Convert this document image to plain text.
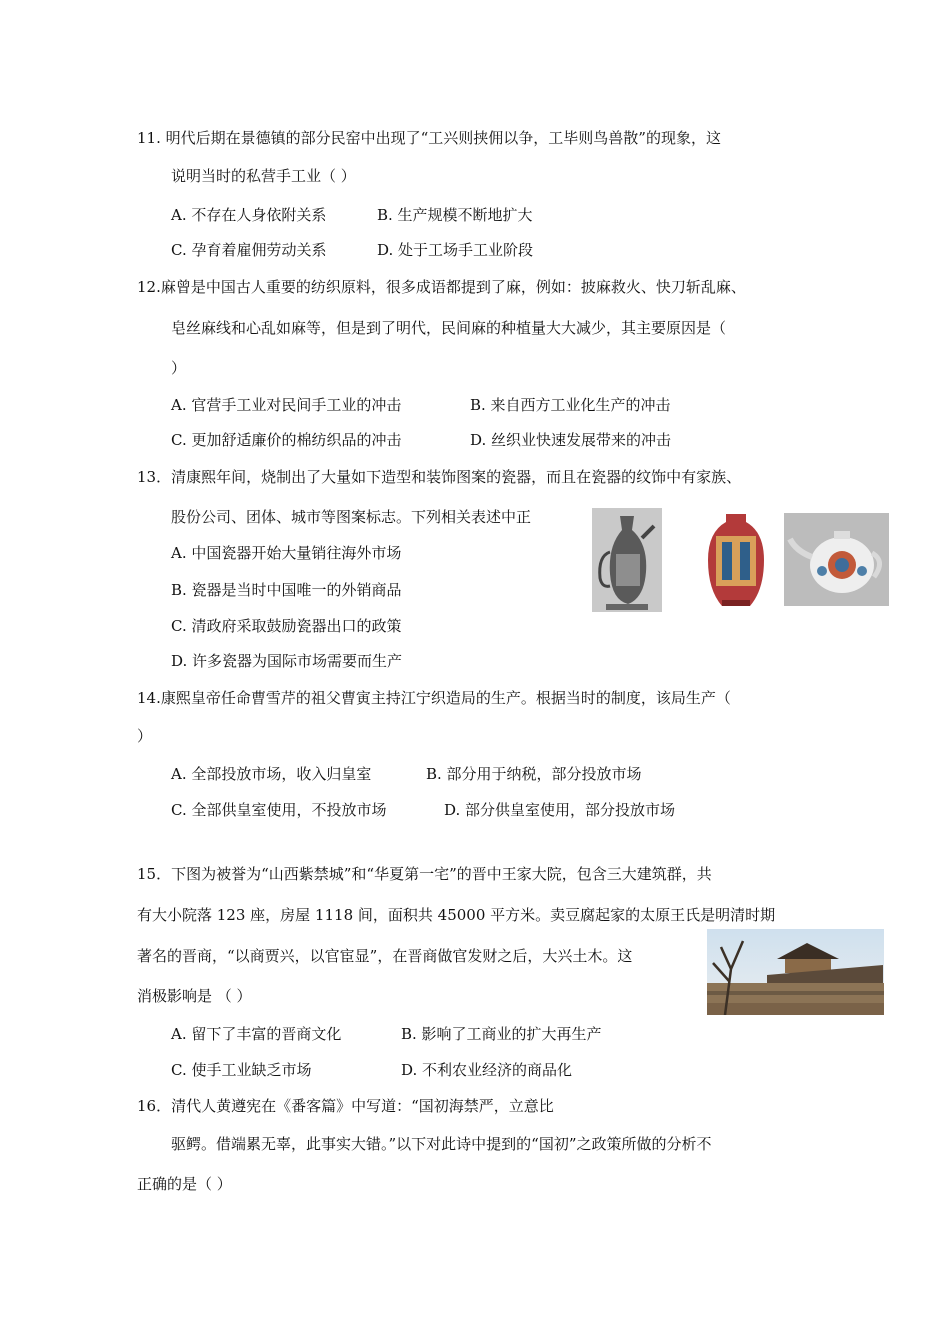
11. 明代后期在景德镇的部分民窑中出现了“工兴则挟佣以争，工毕则鸟兽散”的现象，这
说明当时的私营手工业（ ）
A. 不存在人身依附关系	B. 生产规模不断地扩大
C. 孕育着雇佣劳动关系	D. 处于工场手工业阶段
12.麻曾是中国古人重要的纺织原料，很多成语都提到了麻，例如：披麻救火、快刀斩乱麻、
皂丝麻线和心乱如麻等，但是到了明代，民间麻的种植量大大减少，其主要原因是（
）
A. 官营手工业对民间手工业的冲击	B. 来自西方工业化生产的冲击
C. 更加舒适廉价的棉纺织品的冲击	D. 丝织业快速发展带来的冲击
13．清康熙年间，烧制出了大量如下造型和装饰图案的瓷器，而且在瓷器的纹饰中有家族、
股份公司、团体、城市等图案标志。下列相关表述中正
A. 中国瓷器开始大量销往海外市场
B. 瓷器是当时中国唯一的外销商品
C. 清政府采取鼓励瓷器出口的政策
D. 许多瓷器为国际市场需要而生产
14.康熙皇帝任命曹雪芹的祖父曹寅主持江宁织造局的生产。根据当时的制度，该局生产（
）
A. 全部投放市场，收入归皇室	B. 部分用于纳税，部分投放市场
C. 全部供皇室使用，不投放市场	D. 部分供皇室使用，部分投放市场
15．下图为被誉为“山西紫禁城”和“华夏第一宅”的晋中王家大院，包含三大建筑群，共
有大小院落 123 座，房屋 1118 间，面积共 45000 平方米。卖豆腐起家的太原王氏是明清时期
著名的晋商，“以商贾兴，以官宦显”，在晋商做官发财之后，大兴土木。这
消极影响是 （ ）
A. 留下了丰富的晋商文化	B. 影响了工商业的扩大再生产
C. 使手工业缺乏市场	D. 不利农业经济的商品化
16．清代人黄遵宪在《番客篇》中写道：“国初海禁严，立意比
驱鳄。借端累无辜，此事实大错。”以下对此诗中提到的“国初”之政策所做的分析不
正确的是（ ）
